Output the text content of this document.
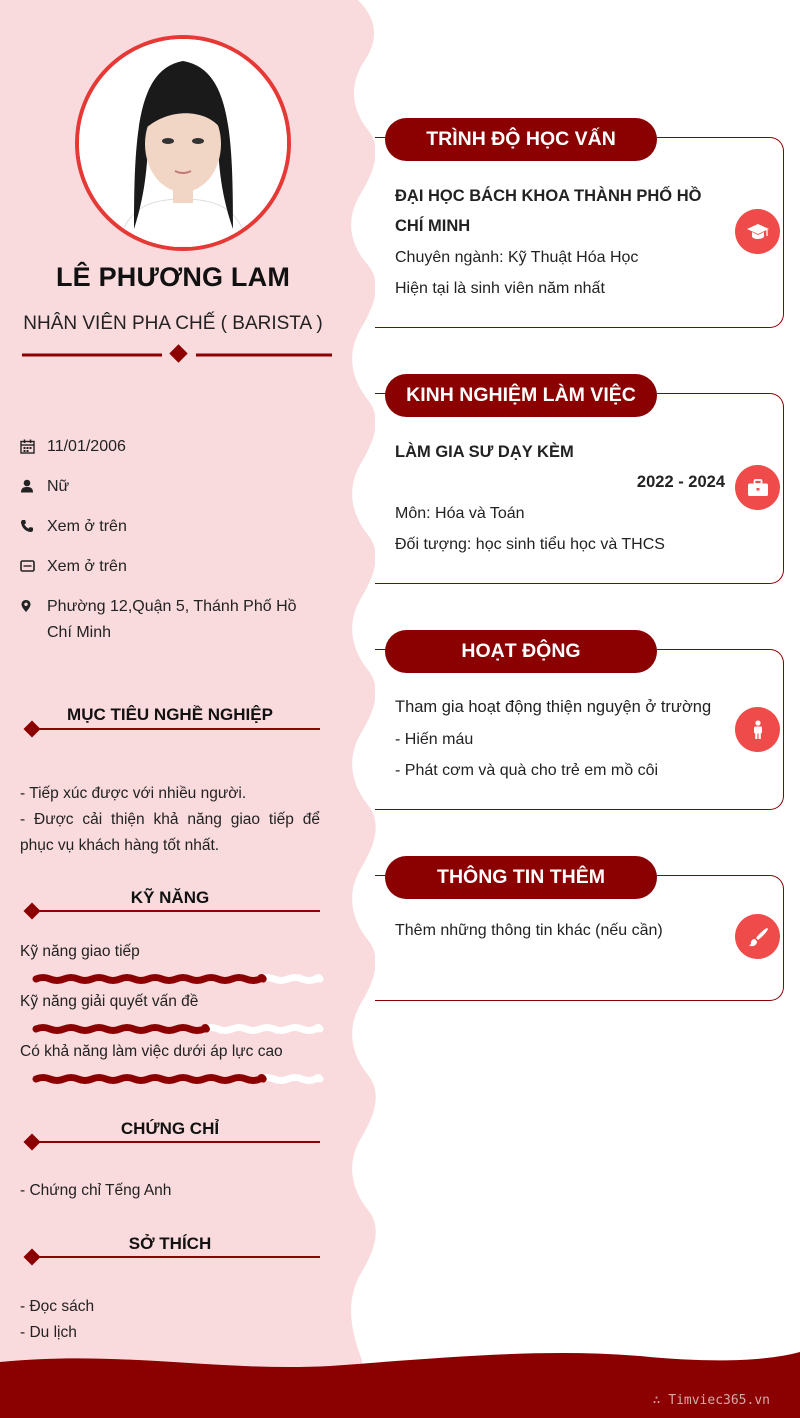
LÊ PHƯƠNG LAM
NHÂN VIÊN PHA CHẾ ( BARISTA )
11/01/2006
Nữ
Xem ở trên
Xem ở trên
Phường 12,Quận 5, Thánh Phố Hồ Chí Minh
MỤC TIÊU NGHỀ NGHIỆP
- Tiếp xúc được với nhiều người.
- Được cải thiện khả năng giao tiếp để phục vụ khách hàng tốt nhất.
KỸ NĂNG
Kỹ năng giao tiếp
Kỹ năng giải quyết vấn đề
Có khả năng làm việc dưới áp lực cao
CHỨNG CHỈ
- Chứng chỉ Tếng Anh
SỞ THÍCH
- Đọc sách
- Du lịch
TRÌNH ĐỘ HỌC VẤN
ĐẠI HỌC BÁCH KHOA THÀNH PHỐ HỒ CHÍ MINH
Chuyên ngành: Kỹ Thuật Hóa Học
Hiện tại là sinh viên năm nhất
KINH NGHIỆM LÀM VIỆC
LÀM GIA SƯ DẠY KÈM
2022 - 2024
Môn: Hóa và Toán
Đối tượng: học sinh tiểu học và THCS
HOẠT ĐỘNG
Tham gia hoạt động thiện nguyện ở trường
- Hiến máu
- Phát cơm và quà cho trẻ em mồ côi
THÔNG TIN THÊM
Thêm những thông tin khác (nếu cần)
∴ Timviec365.vn
